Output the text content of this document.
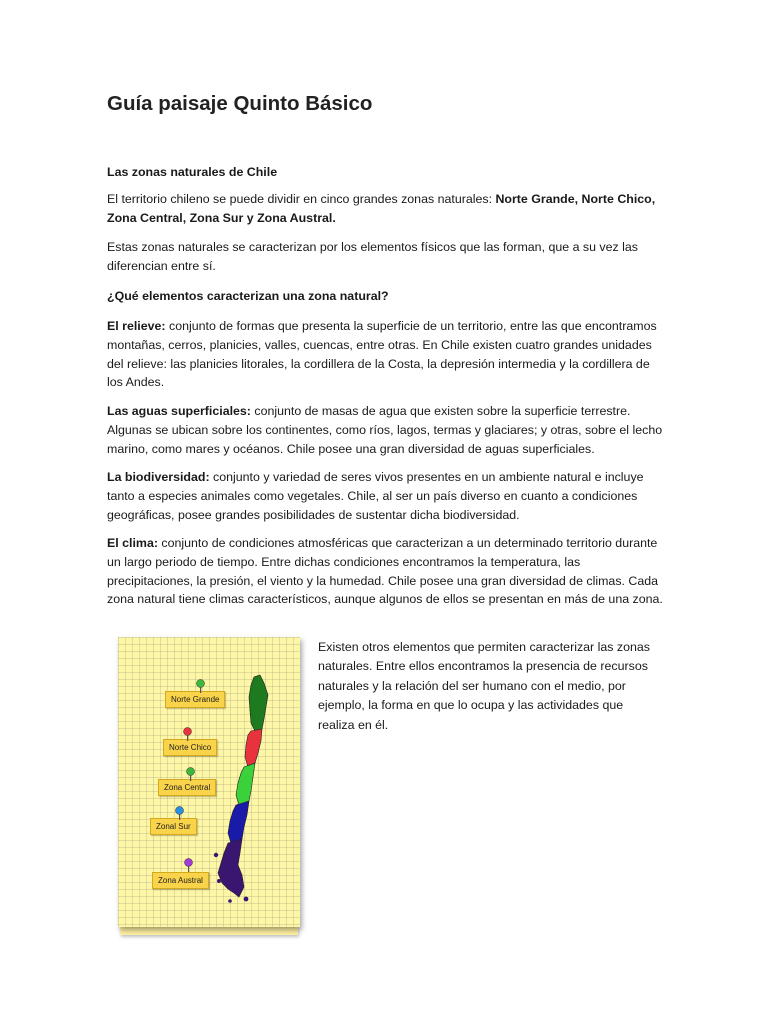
Guía paisaje Quinto Básico
Las zonas naturales de Chile
El territorio chileno se puede dividir en cinco grandes zonas naturales: Norte Grande, Norte Chico, Zona Central, Zona Sur y Zona Austral.
Estas zonas naturales se caracterizan por los elementos físicos que las forman, que a su vez las diferencian entre sí.
¿Qué elementos caracterizan una zona natural?
El relieve: conjunto de formas que presenta la superficie de un territorio, entre las que encontramos montañas, cerros, planicies, valles, cuencas, entre otras. En Chile existen cuatro grandes unidades del relieve: las planicies litorales, la cordillera de la Costa, la depresión intermedia y la cordillera de los Andes.
Las aguas superficiales: conjunto de masas de agua que existen sobre la superficie terrestre. Algunas se ubican sobre los continentes, como ríos, lagos, termas y glaciares; y otras, sobre el lecho marino, como mares y océanos. Chile posee una gran diversidad de aguas superficiales.
La biodiversidad: conjunto y variedad de seres vivos presentes en un ambiente natural e incluye tanto a especies animales como vegetales. Chile, al ser un país diverso en cuanto a condiciones geográficas, posee grandes posibilidades de sustentar dicha biodiversidad.
El clima: conjunto de condiciones atmosféricas que caracterizan a un determinado territorio durante un largo periodo de tiempo. Entre dichas condiciones encontramos la temperatura, las precipitaciones, la presión, el viento y la humedad. Chile posee una gran diversidad de climas. Cada zona natural tiene climas característicos, aunque algunos de ellos se presentan en más de una zona.
Existen otros elementos que permiten caracterizar las zonas naturales. Entre ellos encontramos la presencia de recursos naturales y la relación del ser humano con el medio, por ejemplo, la forma en que lo ocupa y las actividades que realiza en él.
Norte Grande
Norte Chico
Zona Central
Zonal Sur
Zona Austral
